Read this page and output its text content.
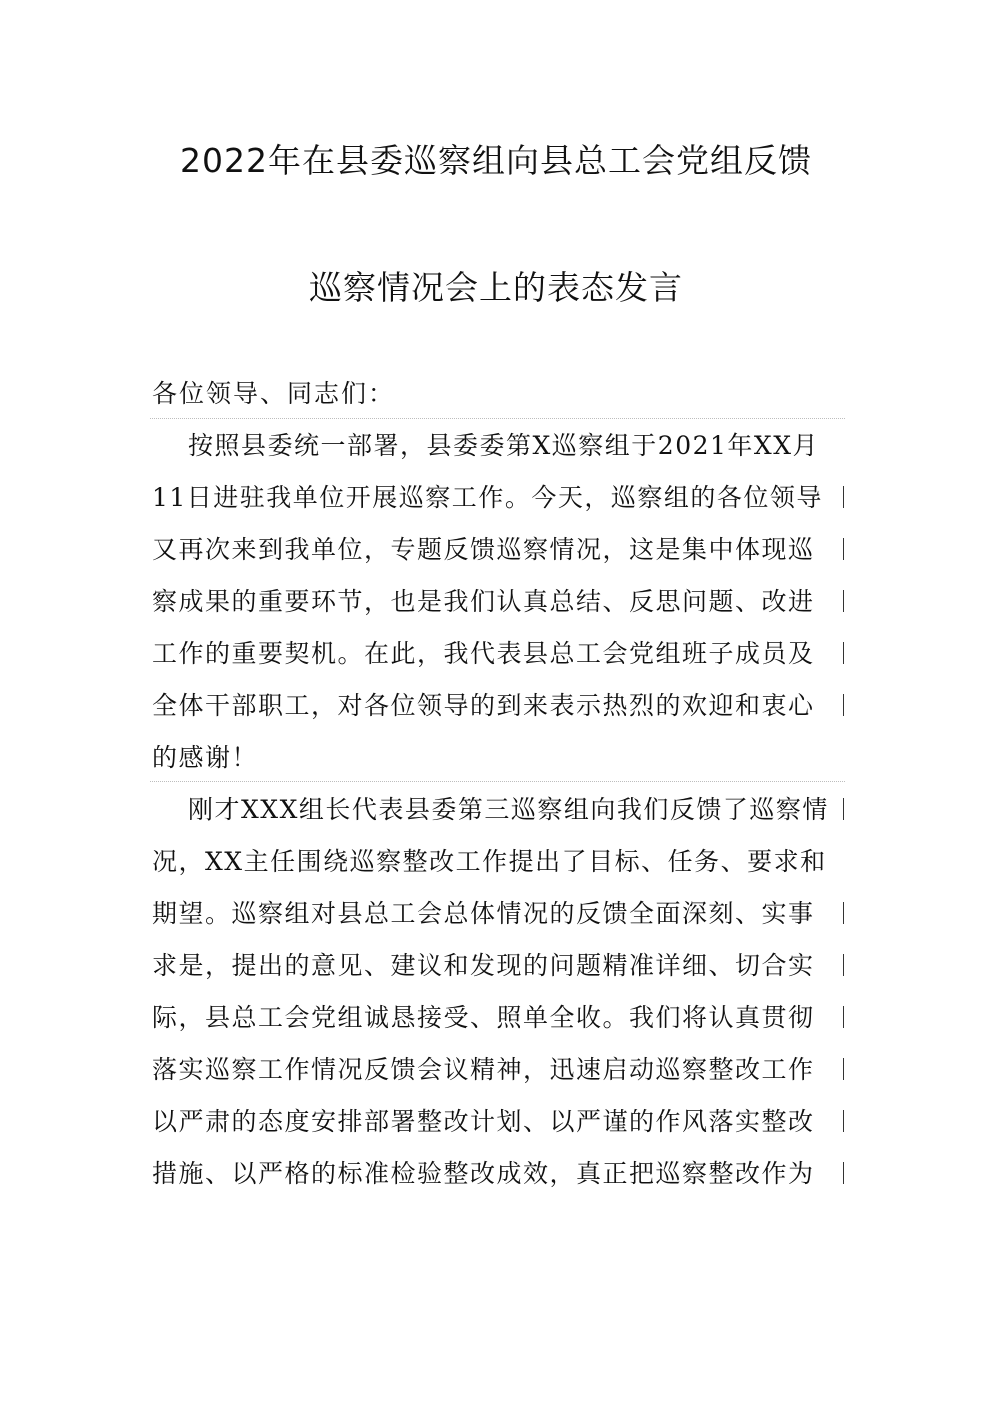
2022年在县委巡察组向县总工会党组反馈
巡察情况会上的表态发言
各位领导、同志们：
按照县委统一部署，县委委第X巡察组于2021年XX月
11日进驻我单位开展巡察工作。今天，巡察组的各位领导
又再次来到我单位，专题反馈巡察情况，这是集中体现巡
察成果的重要环节，也是我们认真总结、反思问题、改进
工作的重要契机。在此，我代表县总工会党组班子成员及
全体干部职工，对各位领导的到来表示热烈的欢迎和衷心
的感谢！
刚才XXX组长代表县委第三巡察组向我们反馈了巡察情
况，XX主任围绕巡察整改工作提出了目标、任务、要求和
期望。巡察组对县总工会总体情况的反馈全面深刻、实事
求是，提出的意见、建议和发现的问题精准详细、切合实
际，县总工会党组诚恳接受、照单全收。我们将认真贯彻
落实巡察工作情况反馈会议精神，迅速启动巡察整改工作
以严肃的态度安排部署整改计划、以严谨的作风落实整改
措施、以严格的标准检验整改成效，真正把巡察整改作为
